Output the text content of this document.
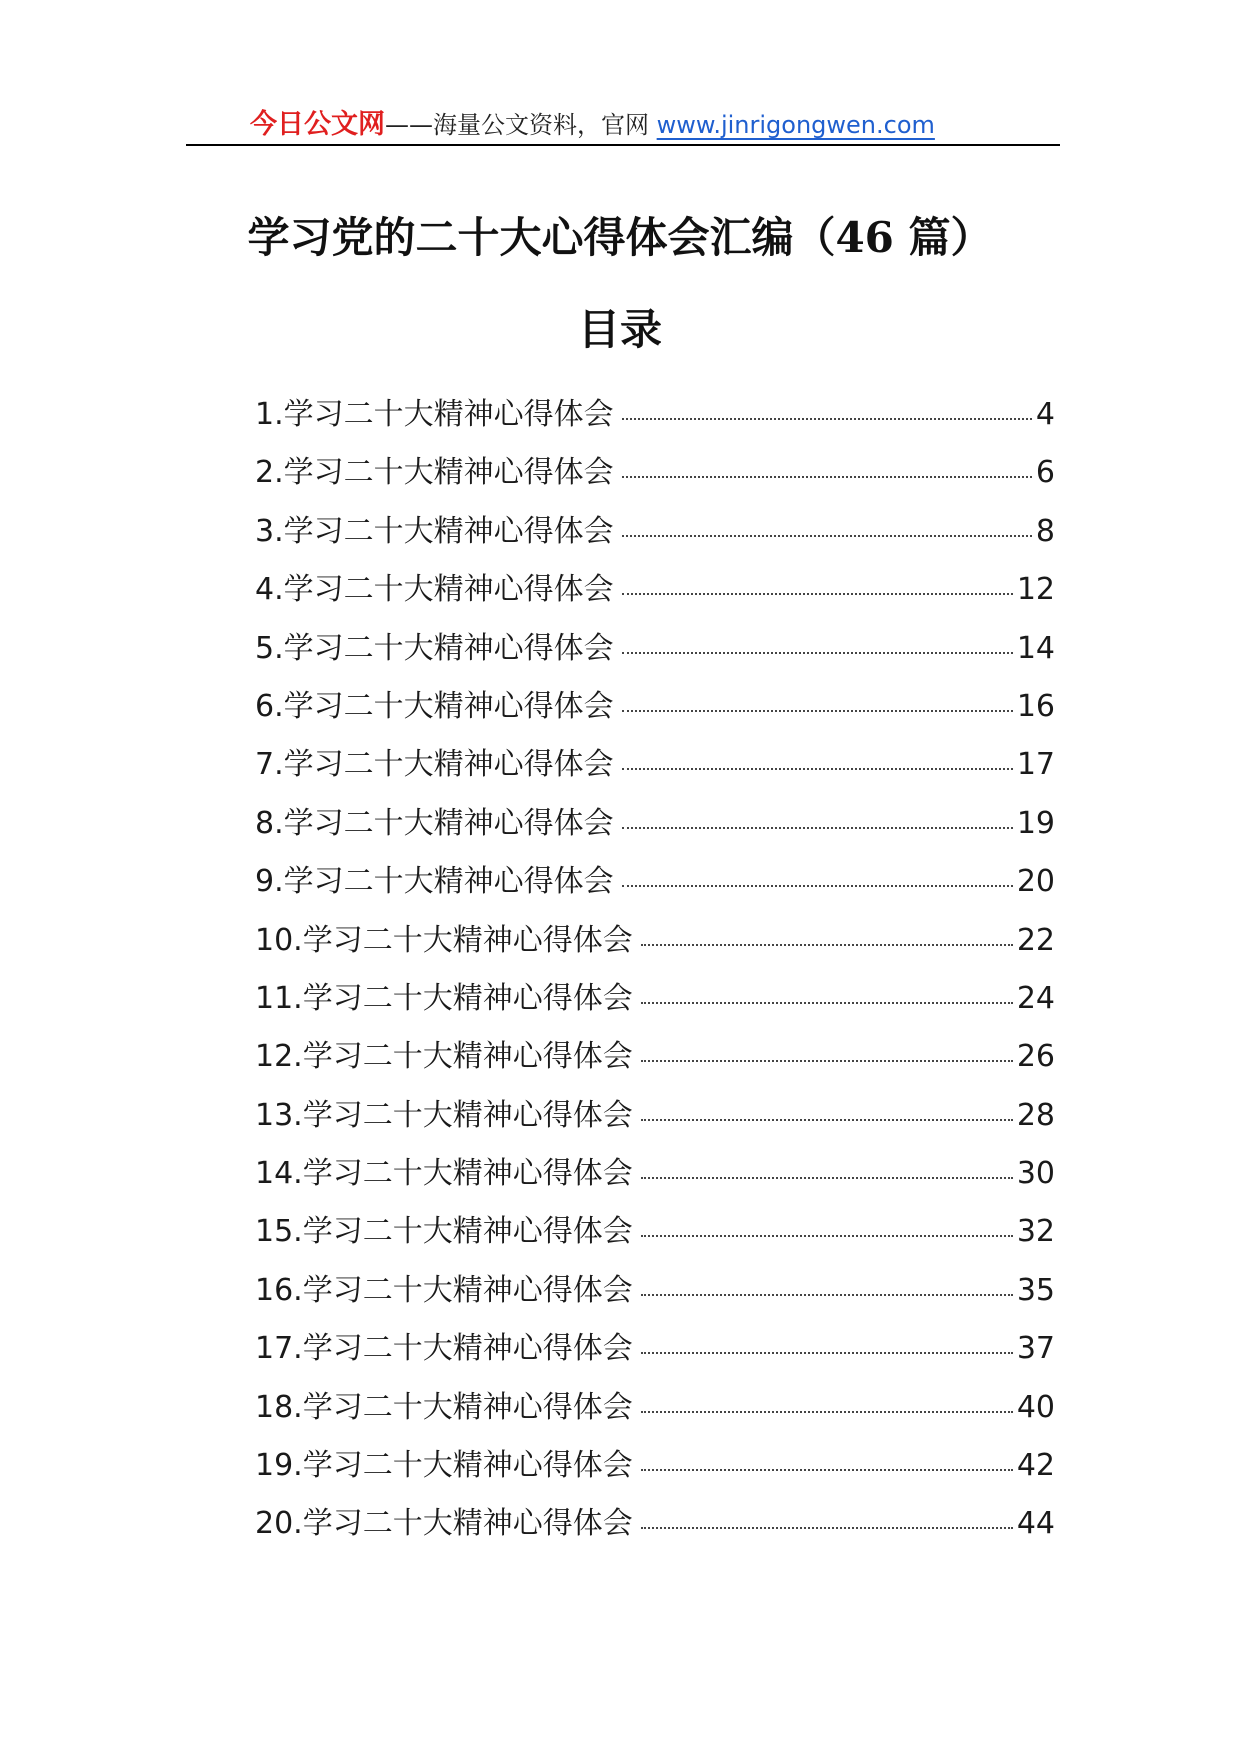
今日公文网——海量公文资料，官网 www.jinrigongwen.com
学习党的二十大心得体会汇编（46 篇）
目录
1.学习二十大精神心得体会	4
2.学习二十大精神心得体会	6
3.学习二十大精神心得体会	8
4.学习二十大精神心得体会	12
5.学习二十大精神心得体会	14
6.学习二十大精神心得体会	16
7.学习二十大精神心得体会	17
8.学习二十大精神心得体会	19
9.学习二十大精神心得体会	20
10.学习二十大精神心得体会	22
11.学习二十大精神心得体会	24
12.学习二十大精神心得体会	26
13.学习二十大精神心得体会	28
14.学习二十大精神心得体会	30
15.学习二十大精神心得体会	32
16.学习二十大精神心得体会	35
17.学习二十大精神心得体会	37
18.学习二十大精神心得体会	40
19.学习二十大精神心得体会	42
20.学习二十大精神心得体会	44
